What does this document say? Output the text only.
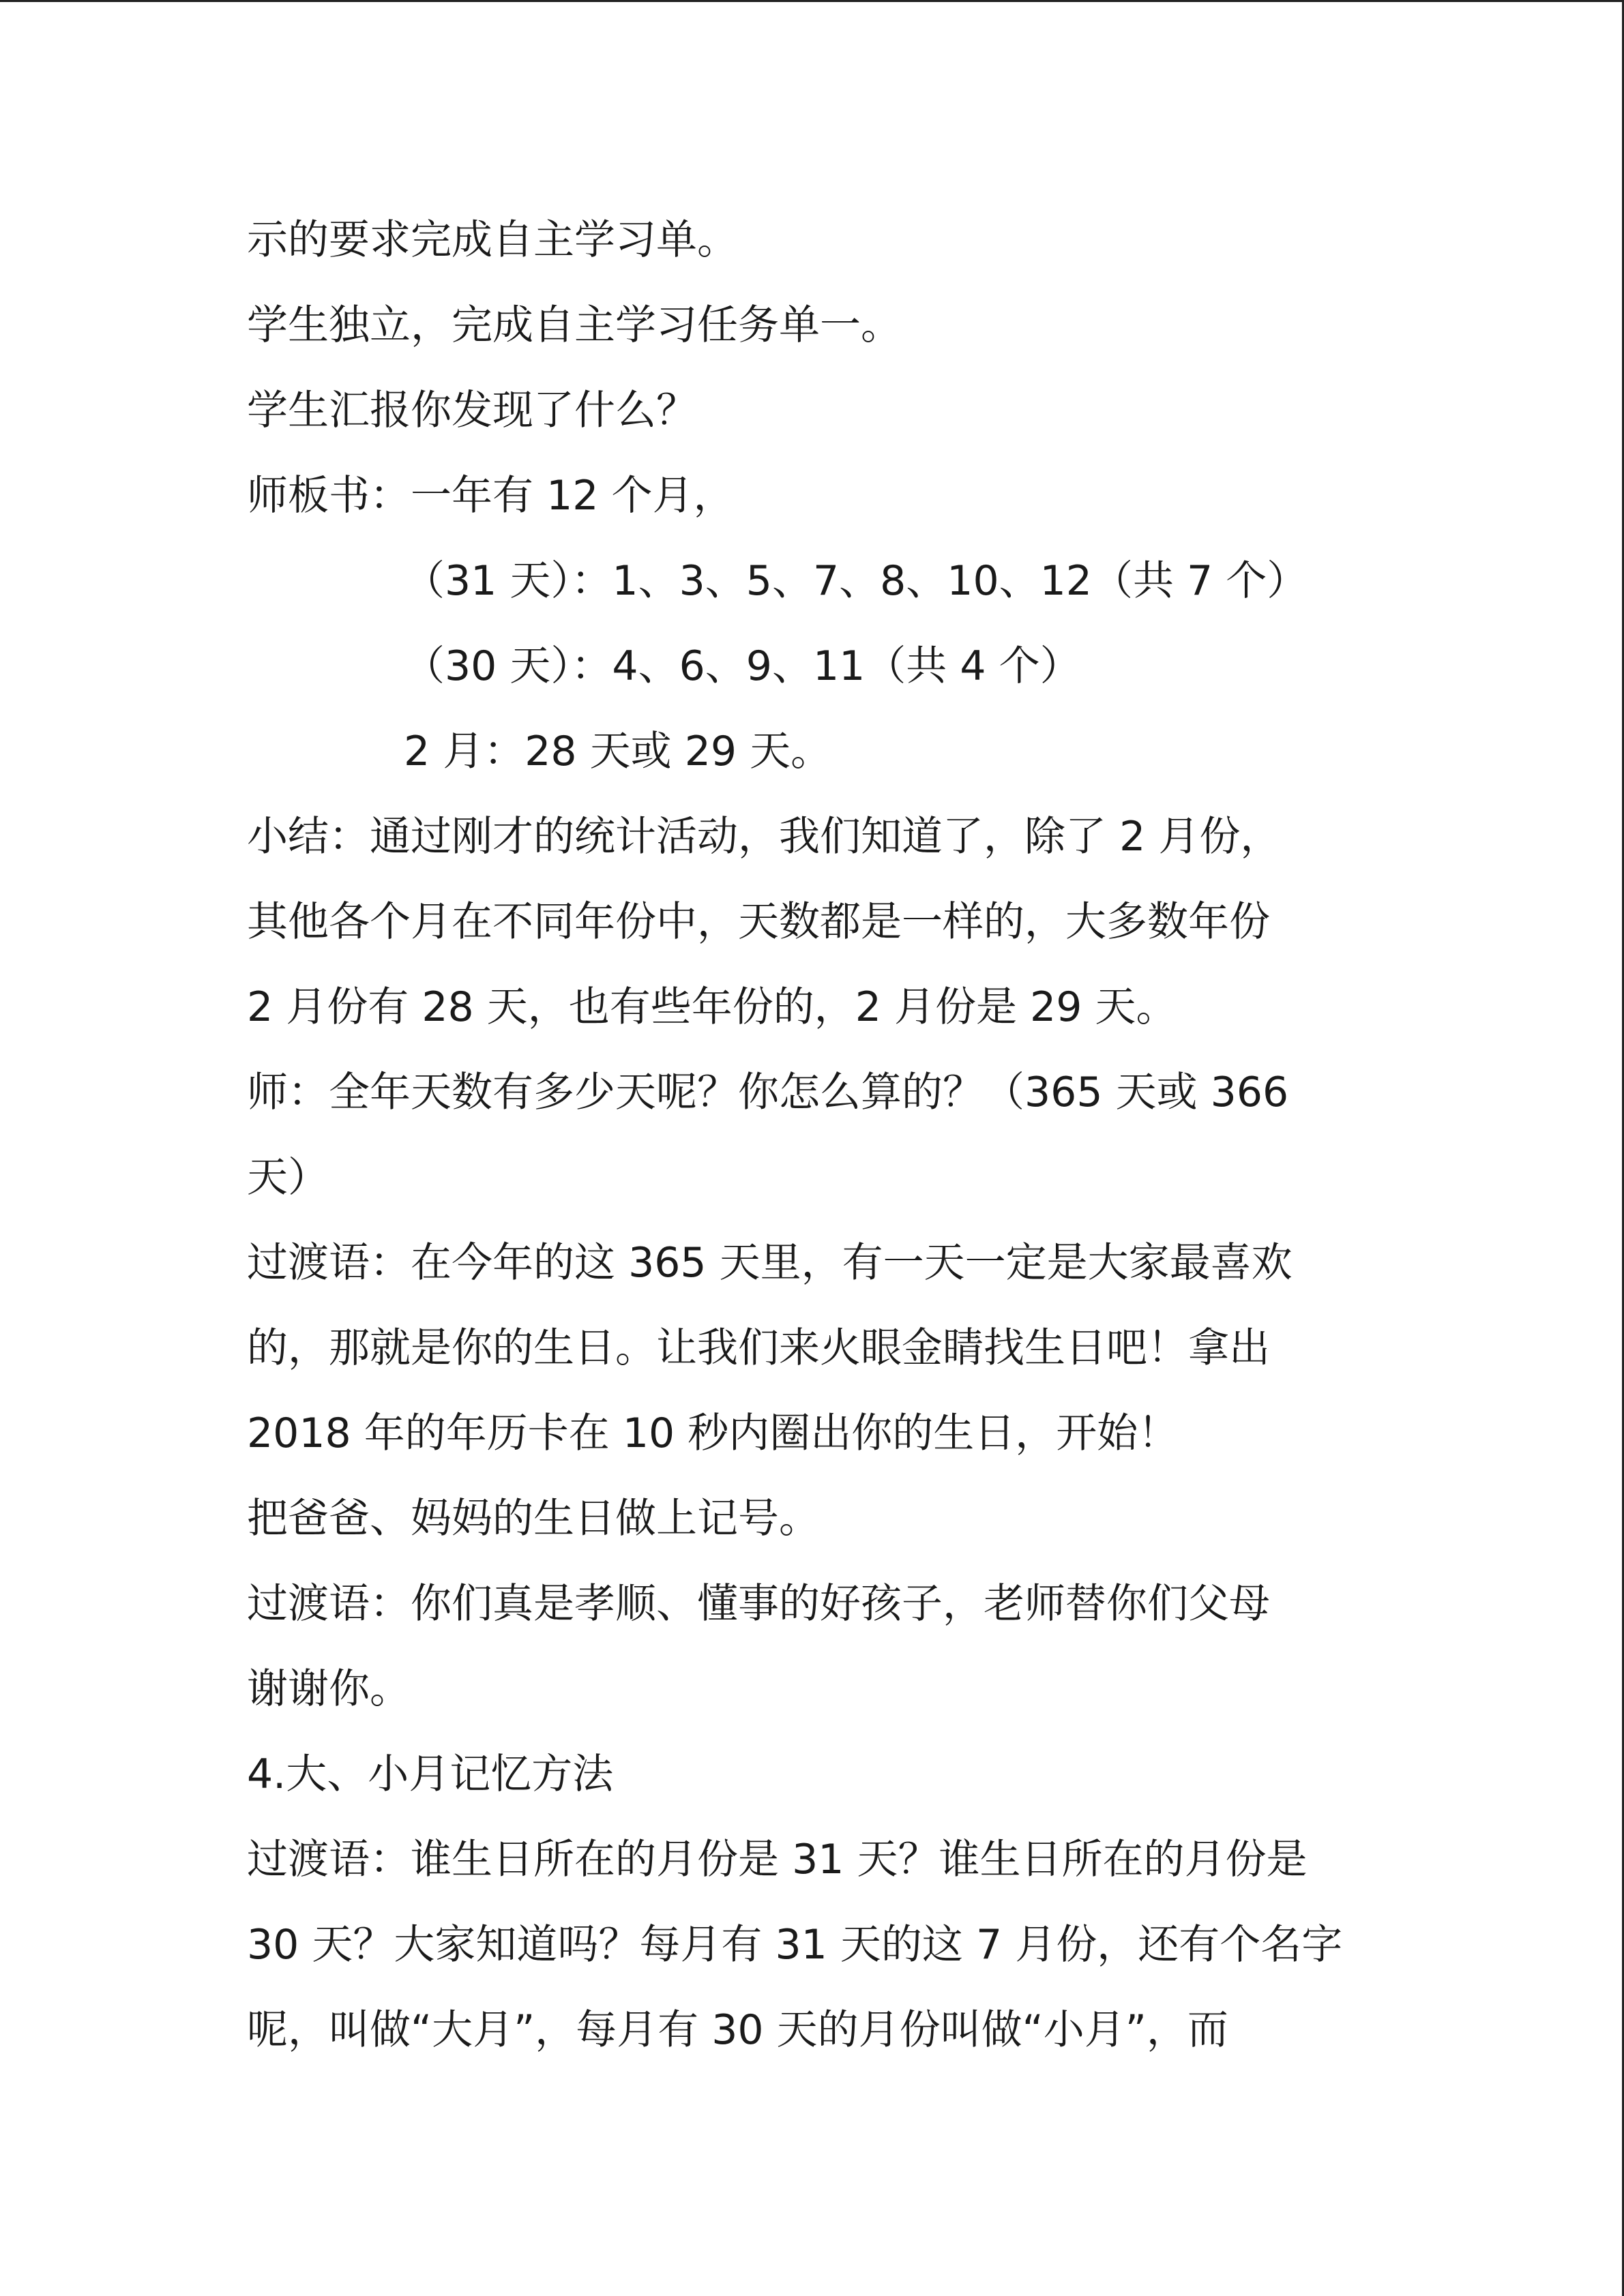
示的要求完成自主学习单。
学生独立，完成自主学习任务单一。
学生汇报你发现了什么？
师板书：一年有 12 个月，
（31 天）：1、3、5、7、8、10、12（共 7 个）
（30 天）：4、6、9、11（共 4 个）
2 月：28 天或 29 天。
小结：通过刚才的统计活动，我们知道了，除了 2 月份，
其他各个月在不同年份中，天数都是一样的，大多数年份
2 月份有 28 天，也有些年份的，2 月份是 29 天。
师：全年天数有多少天呢？你怎么算的？（365 天或 366
天）
过渡语：在今年的这 365 天里，有一天一定是大家最喜欢
的，那就是你的生日。让我们来火眼金睛找生日吧！拿出
2018 年的年历卡在 10 秒内圈出你的生日，开始！
把爸爸、妈妈的生日做上记号。
过渡语：你们真是孝顺、懂事的好孩子，老师替你们父母
谢谢你。
4.大、小月记忆方法
过渡语：谁生日所在的月份是 31 天？谁生日所在的月份是
30 天？大家知道吗？每月有 31 天的这 7 月份，还有个名字
呢，叫做“大月”，每月有 30 天的月份叫做“小月”，而
